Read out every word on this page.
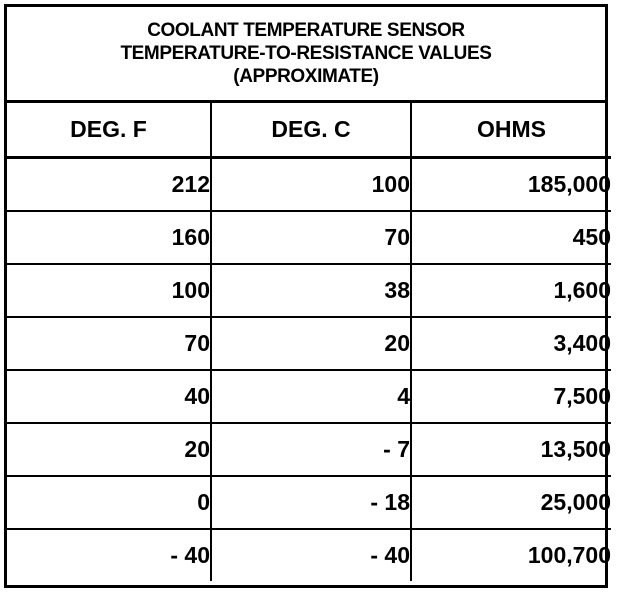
COOLANT TEMPERATURE SENSOR
TEMPERATURE-TO-RESISTANCE VALUES
(APPROXIMATE)
DEG. F	DEG. C	OHMS
212	100	185,000
160	70	450
100	38	1,600
70	20	3,400
40	4	7,500
20	- 7	13,500
0	- 18	25,000
- 40	- 40	100,700
